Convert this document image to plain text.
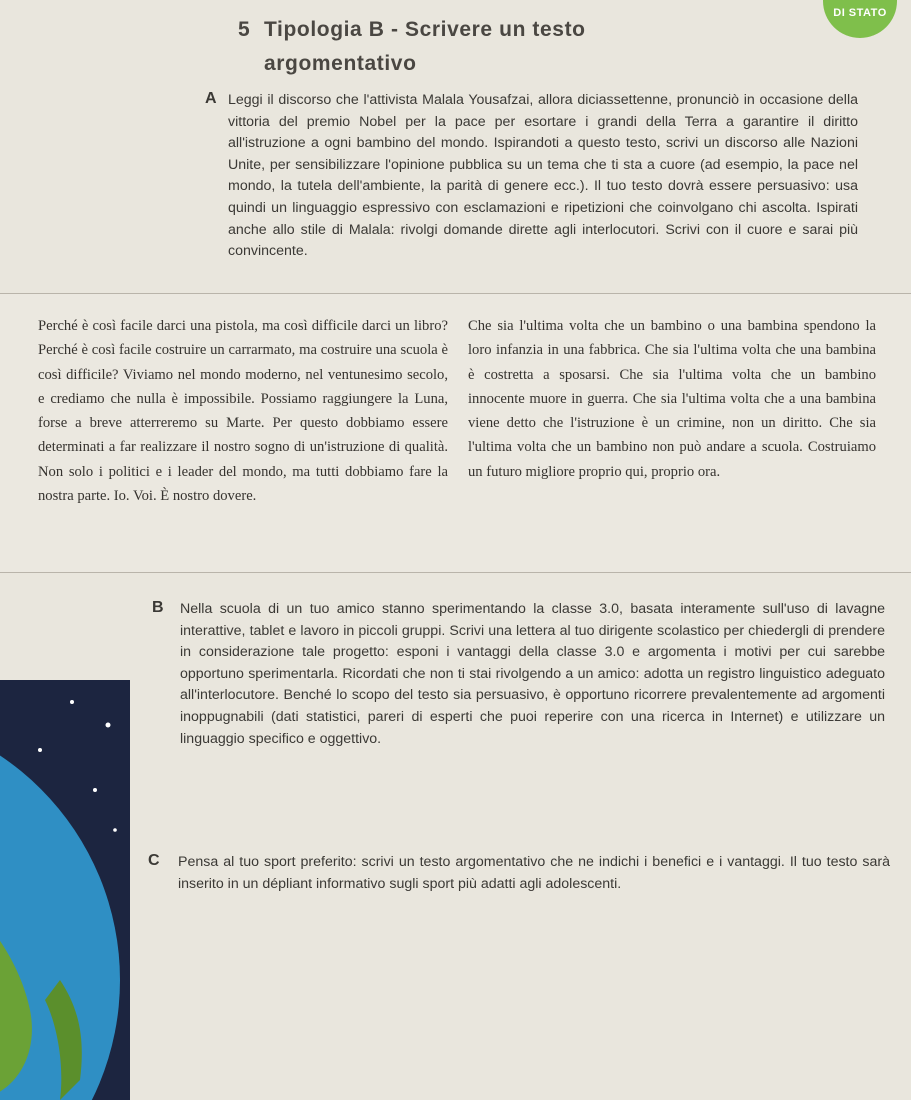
DI STATO
5 Tipologia B - Scrivere un testo
argomentativo
A Leggi il discorso che l'attivista Malala Yousafzai, allora diciassettenne, pronunciò in occasione della vittoria del premio Nobel per la pace per esortare i grandi della Terra a garantire il diritto all'istruzione a ogni bambino del mondo. Ispirandoti a questo testo, scrivi un discorso alle Nazioni Unite, per sensibilizzare l'opinione pubblica su un tema che ti sta a cuore (ad esempio, la pace nel mondo, la tutela dell'ambiente, la parità di genere ecc.). Il tuo testo dovrà essere persuasivo: usa quindi un linguaggio espressivo con esclamazioni e ripetizioni che coinvolgano chi ascolta. Ispirati anche allo stile di Malala: rivolgi domande dirette agli interlocutori. Scrivi con il cuore e sarai più convincente.
Perché è così facile darci una pistola, ma così difficile darci un libro? Perché è così facile costruire un carrarmato, ma costruire una scuola è così difficile? Viviamo nel mondo moderno, nel ventunesimo secolo, e crediamo che nulla è impossibile. Possiamo raggiungere la Luna, forse a breve atterreremo su Marte. Per questo dobbiamo essere determinati a far realizzare il nostro sogno di un'istruzione di qualità. Non solo i politici e i leader del mondo, ma tutti dobbiamo fare la nostra parte. Io. Voi. È nostro dovere.
Che sia l'ultima volta che un bambino o una bambina spendono la loro infanzia in una fabbrica. Che sia l'ultima volta che una bambina è costretta a sposarsi. Che sia l'ultima volta che un bambino innocente muore in guerra. Che sia l'ultima volta che a una bambina viene detto che l'istruzione è un crimine, non un diritto. Che sia l'ultima volta che un bambino non può andare a scuola. Costruiamo un futuro migliore proprio qui, proprio ora.
B Nella scuola di un tuo amico stanno sperimentando la classe 3.0, basata interamente sull'uso di lavagne interattive, tablet e lavoro in piccoli gruppi. Scrivi una lettera al tuo dirigente scolastico per chiedergli di prendere in considerazione tale progetto: esponi i vantaggi della classe 3.0 e argomenta i motivi per cui sarebbe opportuno sperimentarla. Ricordati che non ti stai rivolgendo a un amico: adotta un registro linguistico adeguato all'interlocutore. Benché lo scopo del testo sia persuasivo, è opportuno ricorrere prevalentemente ad argomenti inoppugnabili (dati statistici, pareri di esperti che puoi reperire con una ricerca in Internet) e utilizzare un linguaggio specifico e oggettivo.
C Pensa al tuo sport preferito: scrivi un testo argomentativo che ne indichi i benefici e i vantaggi. Il tuo testo sarà inserito in un dépliant informativo sugli sport più adatti agli adolescenti.
